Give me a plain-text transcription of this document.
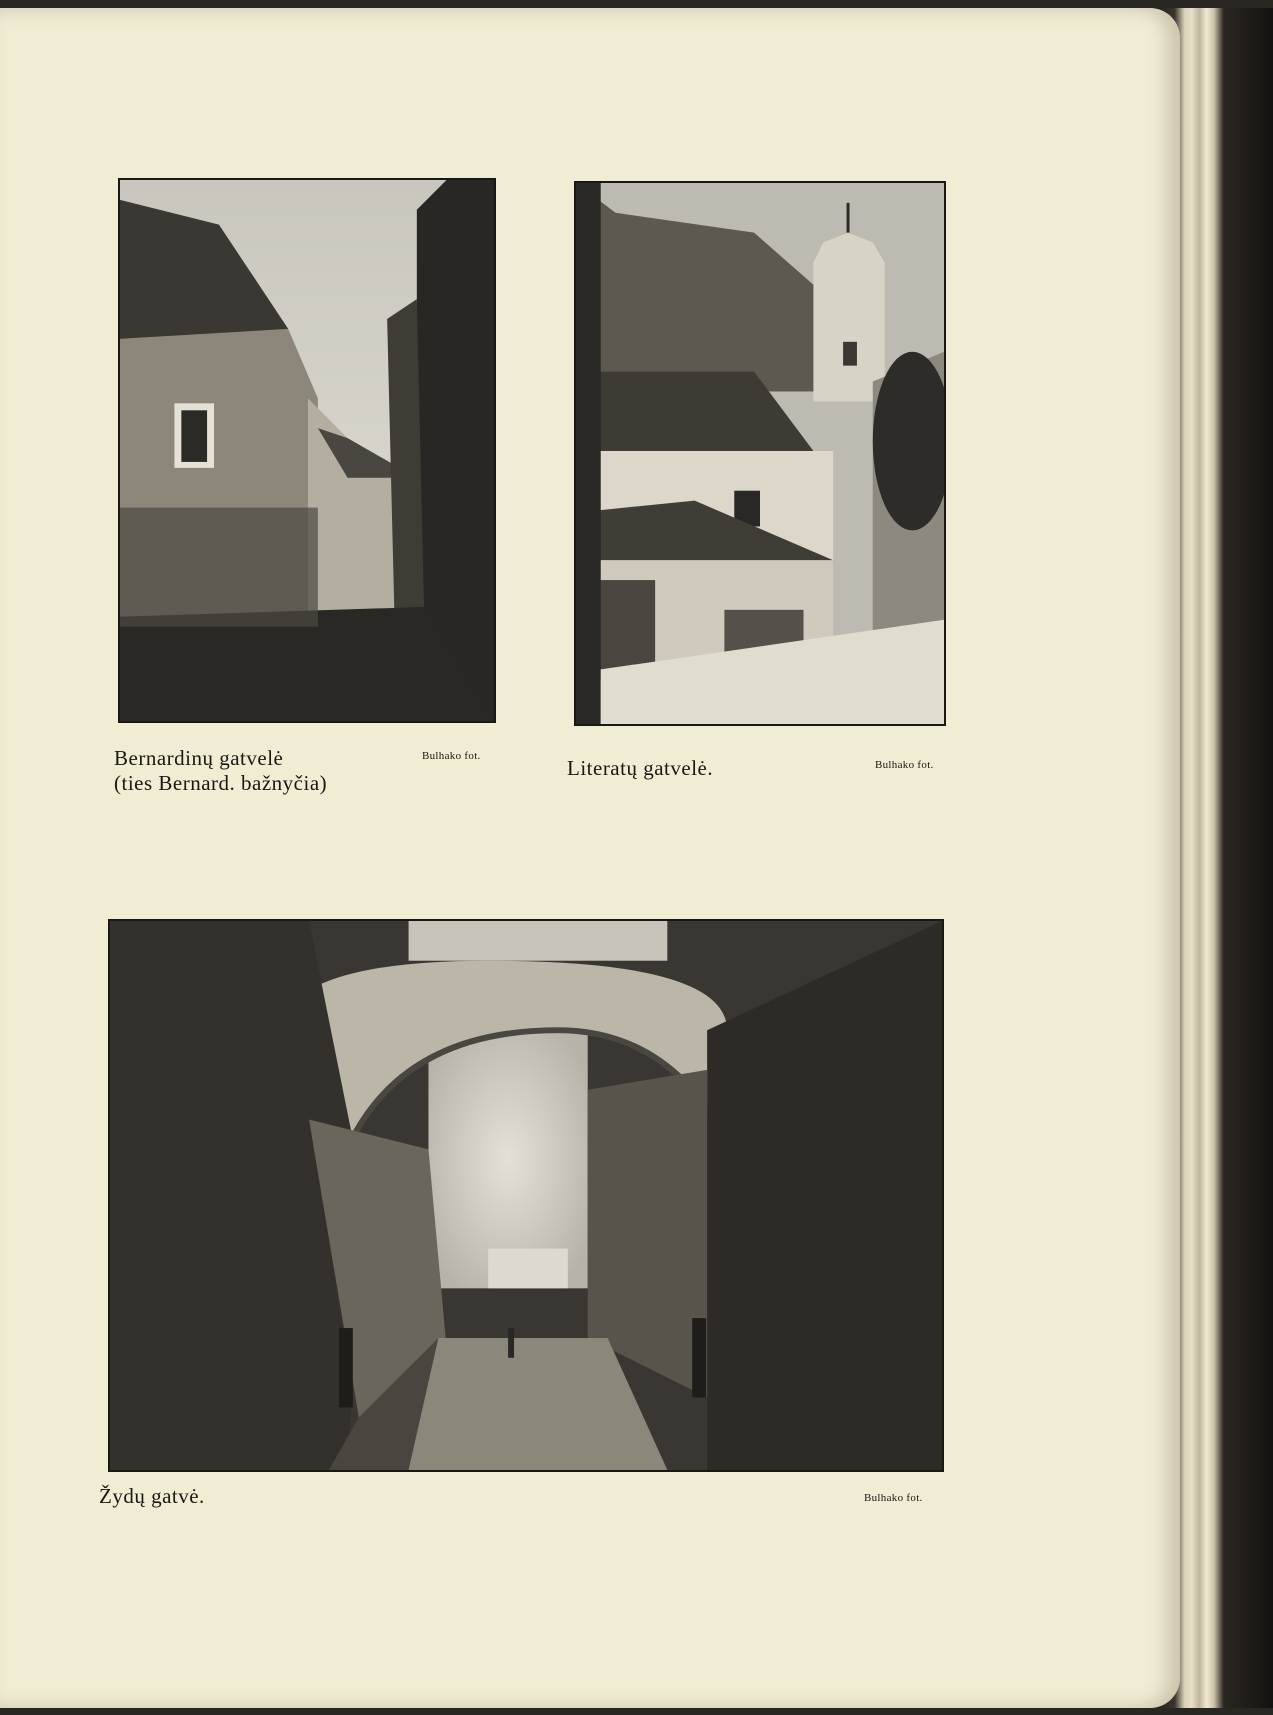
Bernardinų gatvelė
(ties Bernard. bažnyčia)
Bulhako fot.	Literatų gatvelė.	Bulhako fot.
Žydų gatvė.	Bulhako fot.
